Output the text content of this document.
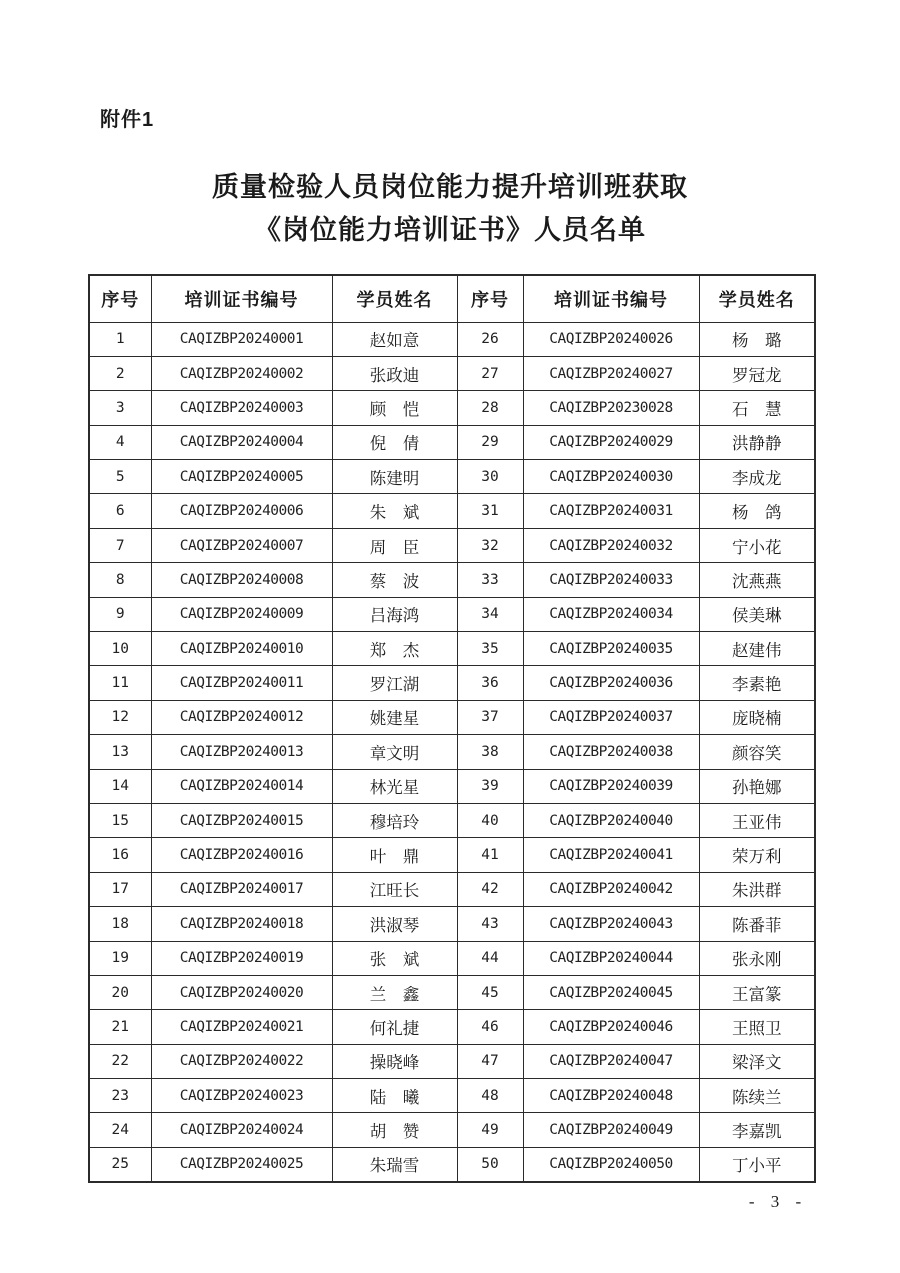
附件1
质量检验人员岗位能力提升培训班获取
《岗位能力培训证书》人员名单
序号	培训证书编号	学员姓名	序号	培训证书编号	学员姓名
1	CAQIZBP20240001	赵如意	26	CAQIZBP20240026	杨　璐
2	CAQIZBP20240002	张政迪	27	CAQIZBP20240027	罗冠龙
3	CAQIZBP20240003	顾　恺	28	CAQIZBP20230028	石　慧
4	CAQIZBP20240004	倪　倩	29	CAQIZBP20240029	洪静静
5	CAQIZBP20240005	陈建明	30	CAQIZBP20240030	李成龙
6	CAQIZBP20240006	朱　斌	31	CAQIZBP20240031	杨　鸽
7	CAQIZBP20240007	周　臣	32	CAQIZBP20240032	宁小花
8	CAQIZBP20240008	蔡　波	33	CAQIZBP20240033	沈燕燕
9	CAQIZBP20240009	吕海鸿	34	CAQIZBP20240034	侯美琳
10	CAQIZBP20240010	郑　杰	35	CAQIZBP20240035	赵建伟
11	CAQIZBP20240011	罗江湖	36	CAQIZBP20240036	李素艳
12	CAQIZBP20240012	姚建星	37	CAQIZBP20240037	庞晓楠
13	CAQIZBP20240013	章文明	38	CAQIZBP20240038	颜容笑
14	CAQIZBP20240014	林光星	39	CAQIZBP20240039	孙艳娜
15	CAQIZBP20240015	穆培玲	40	CAQIZBP20240040	王亚伟
16	CAQIZBP20240016	叶　鼎	41	CAQIZBP20240041	荣万利
17	CAQIZBP20240017	江旺长	42	CAQIZBP20240042	朱洪群
18	CAQIZBP20240018	洪淑琴	43	CAQIZBP20240043	陈番菲
19	CAQIZBP20240019	张　斌	44	CAQIZBP20240044	张永刚
20	CAQIZBP20240020	兰　鑫	45	CAQIZBP20240045	王富篆
21	CAQIZBP20240021	何礼捷	46	CAQIZBP20240046	王照卫
22	CAQIZBP20240022	操晓峰	47	CAQIZBP20240047	梁泽文
23	CAQIZBP20240023	陆　曦	48	CAQIZBP20240048	陈续兰
24	CAQIZBP20240024	胡　赞	49	CAQIZBP20240049	李嘉凯
25	CAQIZBP20240025	朱瑞雪	50	CAQIZBP20240050	丁小平
- 3 -
